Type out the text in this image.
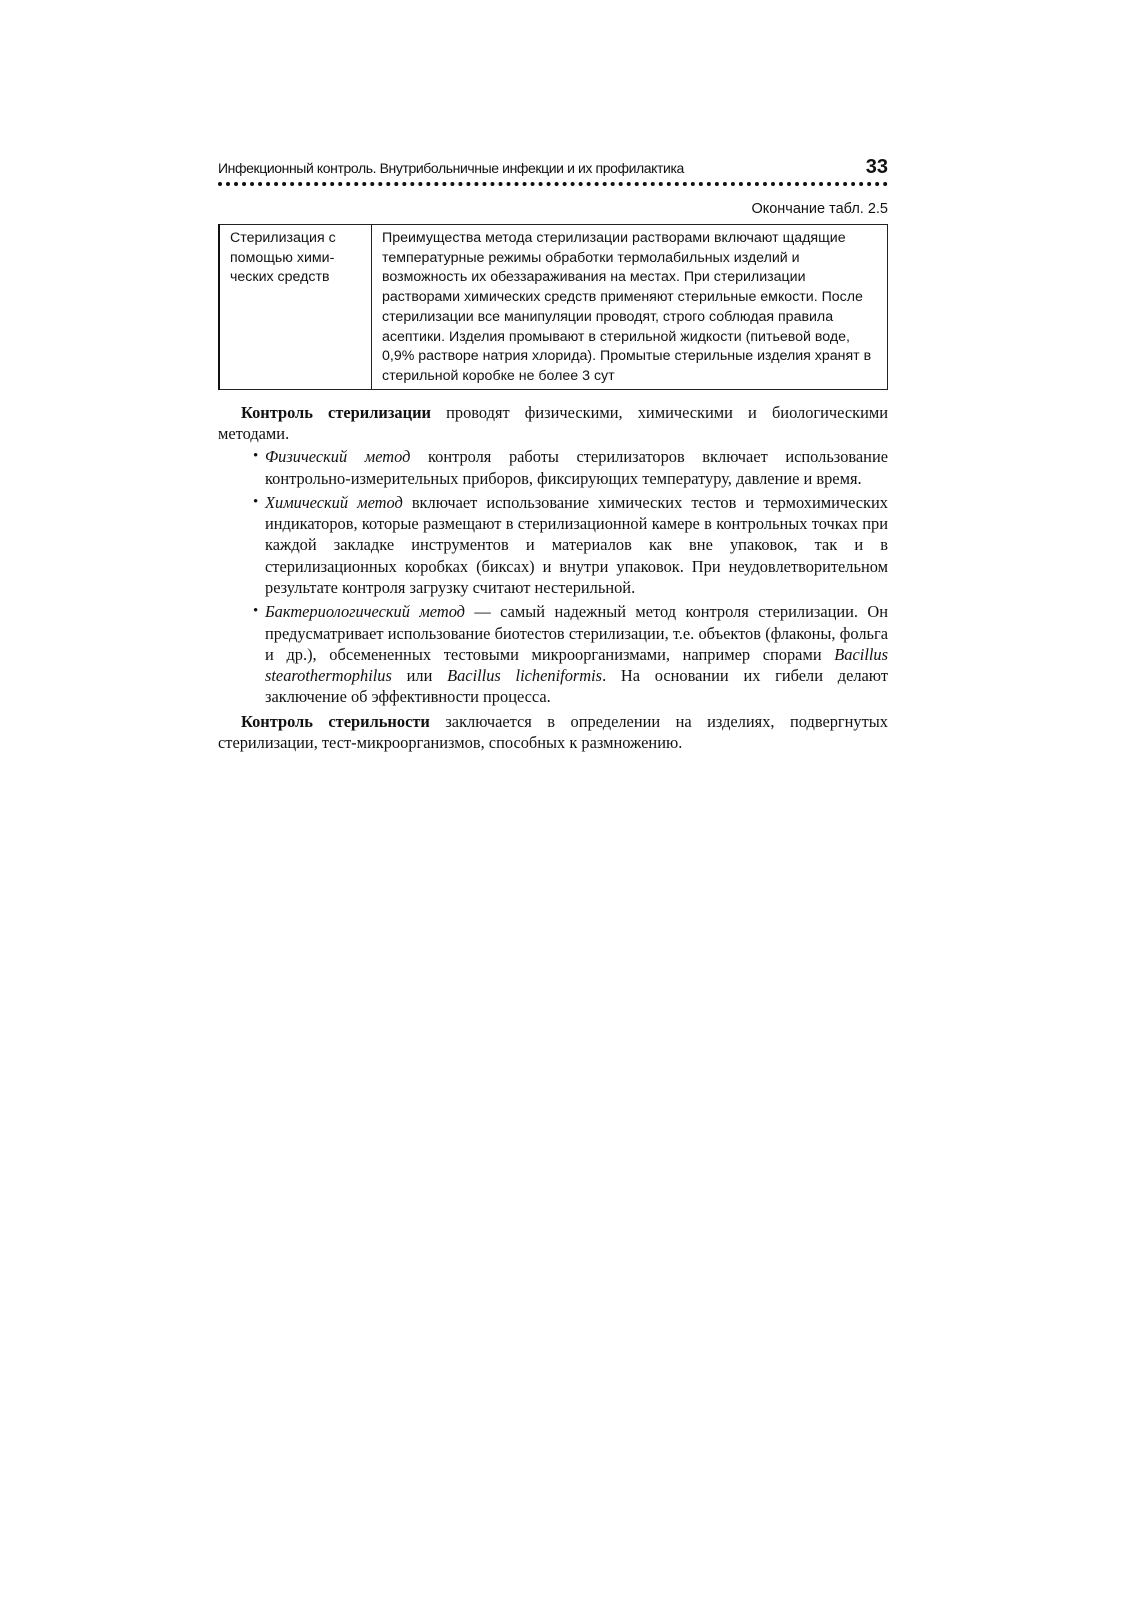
Инфекционный контроль. Внутрибольничные инфекции и их профилактика	33
Окончание табл. 2.5
Стерилизация с помощью химических средств	Преимущества метода стерилизации растворами включают щадящие температурные режимы обработки термолабильных изделий и возможность их обеззараживания на местах. При стерилизации растворами химических средств применяют стерильные емкости. После стерилизации все манипуляции проводят, строго соблюдая правила асептики. Изделия промывают в стерильной жидкости (питьевой воде, 0,9% растворе натрия хлорида). Промытые стерильные изделия хранят в стерильной коробке не более 3 сут

Контроль стерилизации проводят физическими, химическими и биологическими методами.

• Физический метод контроля работы стерилизаторов включает использование контрольно-измерительных приборов, фиксирующих температуру, давление и время.
• Химический метод включает использование химических тестов и термохимических индикаторов, которые размещают в стерилизационной камере в контрольных точках при каждой закладке инструментов и материалов как вне упаковок, так и в стерилизационных коробках (биксах) и внутри упаковок. При неудовлетворительном результате контроля загрузку считают нестерильной.
• Бактериологический метод — самый надежный метод контроля стерилизации. Он предусматривает использование биотестов стерилизации, т.е. объектов (флаконы, фольга и др.), обсемененных тестовыми микроорганизмами, например спорами Bacillus stearothermophilus или Bacillus licheniformis. На основании их гибели делают заключение об эффективности процесса.

Контроль стерильности заключается в определении на изделиях, подвергнутых стерилизации, тест-микроорганизмов, способных к размножению.
